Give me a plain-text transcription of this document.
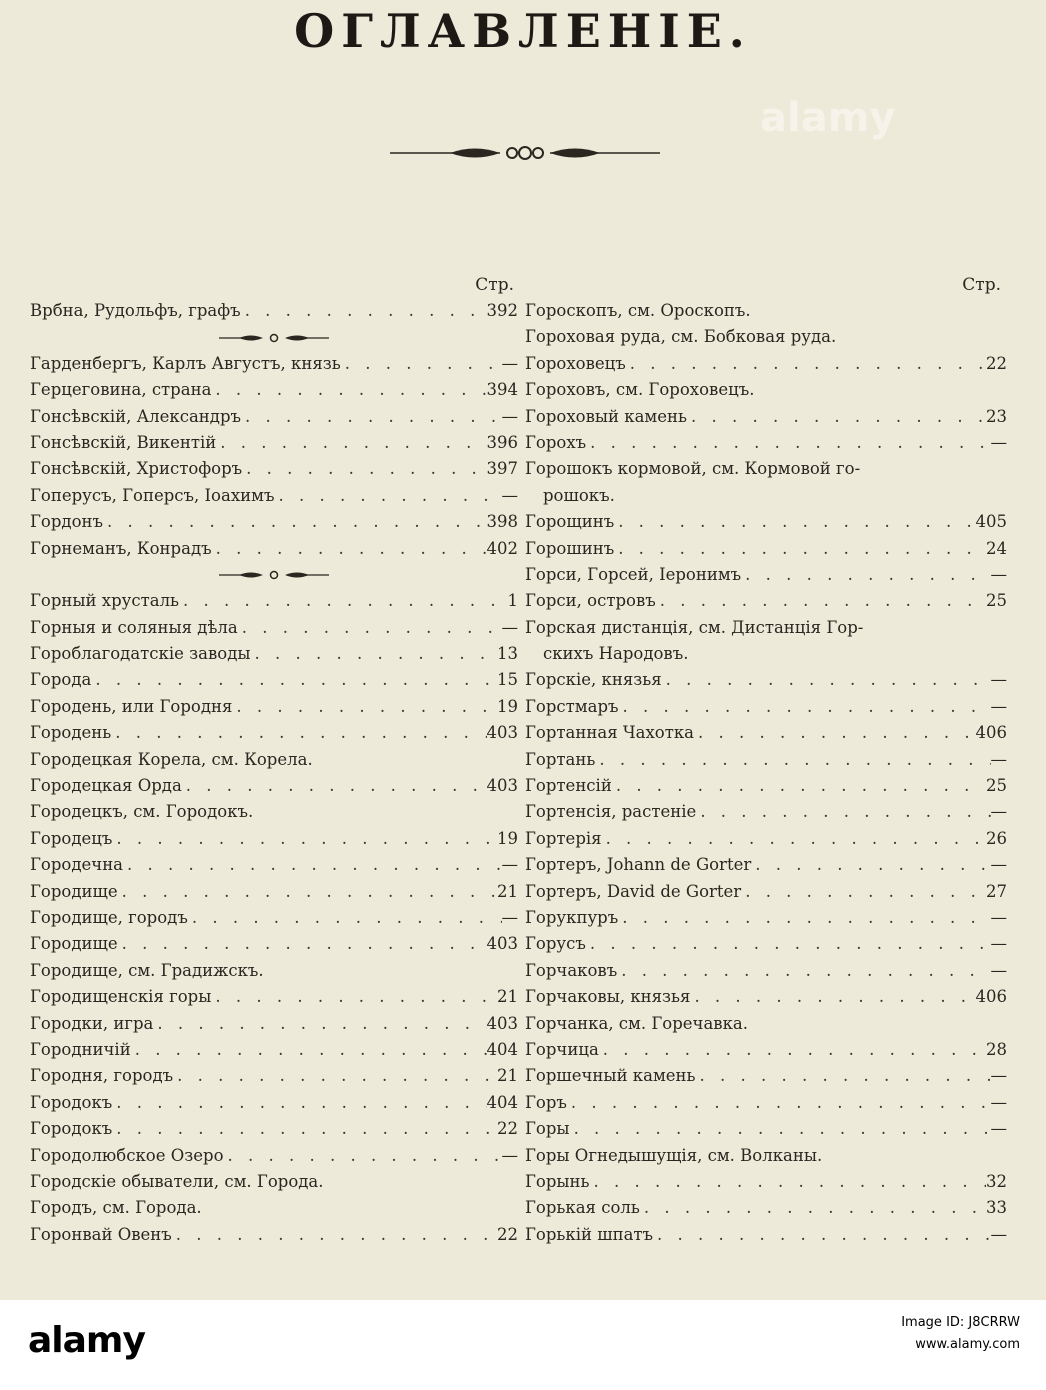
ОГЛАВЛЕНІЕ.
alamy
Стр.
Врбна, Рудольфъ, графъ . . .	392
Гарденбергъ, Карлъ Августъ, князь . . .	—
Герцеговина, страна . . .	394
Гонсѣвскій, Александръ . . .	—
Гонсѣвскій, Викентій . . .	396
Гонсѣвскій, Христофоръ . . .	397
Гоперусъ, Гоперсъ, Іоахимъ . . .	—
Гордонъ . . .	398
Горнеманъ, Конрадъ . . .	402
Горный хрусталь . . .	1
Горныя и соляныя дѣла . . .	—
Гороблагодатскіе заводы . . .	13
Города . . .	15
Городень, или Городня . . .	19
Городень . . .	403
Городецкая Корела, см. Корела.
Городецкая Орда . . .	403
Городецкъ, см. Городокъ.
Городецъ . . .	19
Городечна . . .	—
Городище . . .	21
Городище, городъ . . .	—
Городище . . .	403
Городище, см. Градижскъ.
Городищенскія горы . . .	21
Городки, игра . . .	403
Городничій . . .	404
Городня, городъ . . .	21
Городокъ . . .	404
Городокъ . . .	22
Городолюбское Озеро . . .	—
Городскіе обыватели, см. Города.
Городъ, см. Города.
Горонвай Овенъ . . .	22
Стр.
Гороскопъ, см. Ороскопъ.
Гороховая руда, см. Бобковая руда.
Гороховецъ . . .	22
Гороховъ, см. Гороховецъ.
Гороховый камень . . .	23
Горохъ . . .	—
Горошокъ кормовой, см. Кормовой го-
рошокъ.
Горощинъ . . .	405
Горошинъ . . .	24
Горси, Горсей, Іеронимъ . . .	—
Горси, островъ . . .	25
Горская дистанція, см. Дистанція Гор-
скихъ Народовъ.
Горскіе, князья . . .	—
Горстмаръ . . .	—
Гортанная Чахотка . . .	406
Гортань . . .	—
Гортенсій . . .	25
Гортенсія, растеніе . . .	—
Гортерія . . .	26
Гортеръ, Johann de Gorter . . .	—
Гортеръ, David de Gorter . . .	27
Горукпуръ . . .	—
Горусъ . . .	—
Горчаковъ . . .	—
Горчаковы, князья . . .	406
Горчанка, см. Горечавка.
Горчица . . .	28
Горшечный камень . . .	—
Горъ . . .	—
Горы . . .	—
Горы Огнедышущія, см. Волканы.
Горынь . . .	32
Горькая соль . . .	33
Горькій шпатъ . . .	—
alamy	Image ID: J8CRRW
www.alamy.com
